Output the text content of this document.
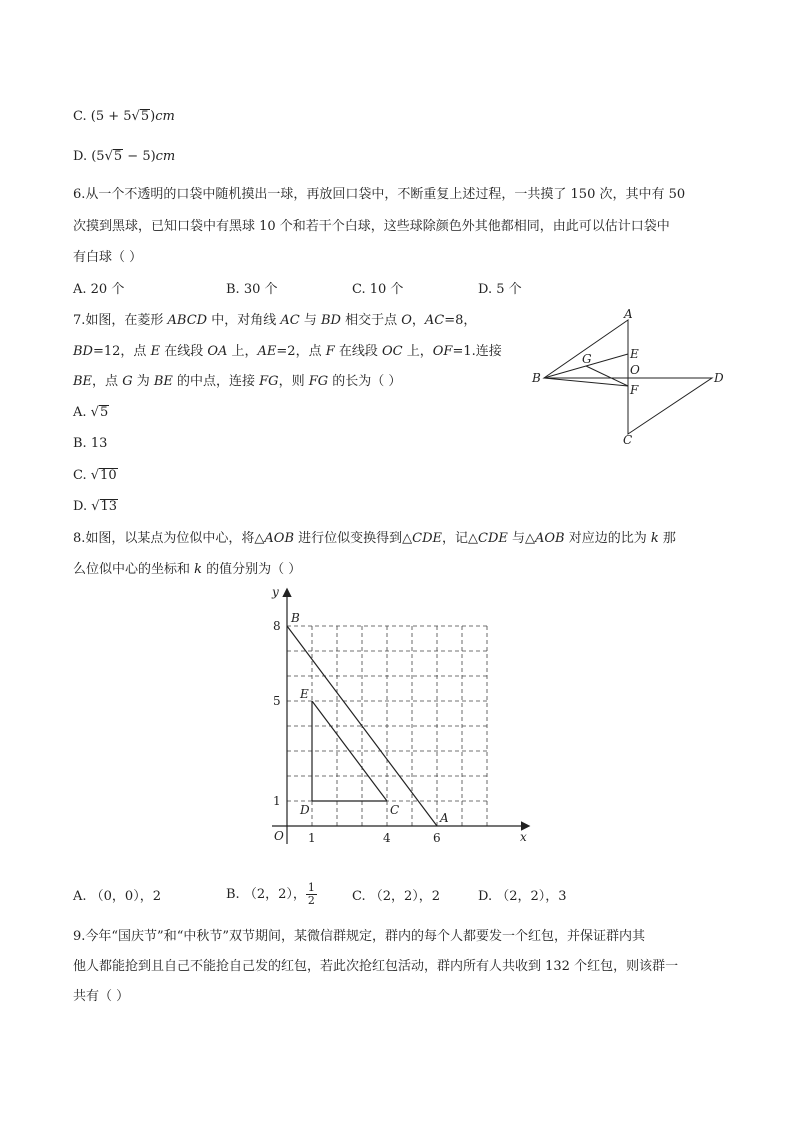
C. (5 + 5√5)cm
D. (5√5 − 5)cm
6.从一个不透明的口袋中随机摸出一球，再放回口袋中，不断重复上述过程，一共摸了 150 次，其中有 50
次摸到黑球，已知口袋中有黑球 10 个和若干个白球，这些球除颜色外其他都相同，由此可以估计口袋中
有白球（ ）
A. 20 个	B. 30 个	C. 10 个	D. 5 个
7.如图，在菱形 ABCD 中，对角线 AC 与 BD 相交于点 O，AC=8，
BD=12，点 E 在线段 OA 上，AE=2，点 F 在线段 OC 上，OF=1.连接
BE，点 G 为 BE 的中点，连接 FG，则 FG 的长为（ ）
A. √5
B. 13
C. √10
D. √13
A
B
C
D
E
F
G
O
8.如图，以某点为位似中心，将△AOB 进行位似变换得到△CDE，记△CDE 与△AOB 对应边的比为 k 那
么位似中心的坐标和 k 的值分别为（ ）
y
x
O 1	4	6
1
5
8
B
E
D	C
A
A. （0，0），2	B. （2，2）， $\frac{1}{2}$	C. （2，2），2	D. （2，2），3
9.今年“国庆节”和“中秋节”双节期间，某微信群规定，群内的每个人都要发一个红包，并保证群内其
他人都能抢到且自己不能抢自己发的红包，若此次抢红包活动，群内所有人共收到 132 个红包，则该群一
共有（ ）
